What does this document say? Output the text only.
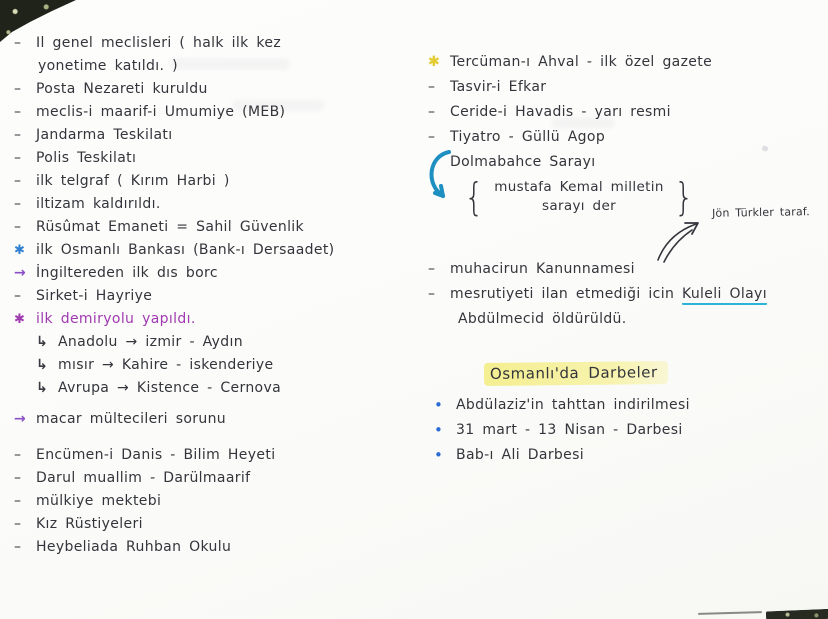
–	Il genel meclisleri ( halk ilk kez
yonetime katıldı. )
–	Posta Nezareti kuruldu
–	meclis-i maarif-i Umumiye (MEB)
–	Jandarma Teskilatı
–	Polis Teskilatı
–	ilk telgraf ( Kırım Harbi )
–	iltizam kaldırıldı.
–	Rüsûmat Emaneti = Sahil Güvenlik
✱ ilk Osmanlı Bankası (Bank-ı Dersaadet)
→ İngiltereden ilk dıs borc
–	Sirket-i Hayriye
✱ ilk demiryolu yapıldı.
↳ Anadolu → izmir - Aydın
↳ mısır → Kahire - iskenderiye
↳ Avrupa → Kistence - Cernova
→ macar mültecileri sorunu
–	Encümen-i Danis - Bilim Heyeti
–	Darul muallim - Darülmaarif
–	mülkiye mektebi
–	Kız Rüstiyeleri
–	Heybeliada Ruhban Okulu
✱ Tercüman-ı Ahval - ilk özel gazete
–	Tasvir-i Efkar
–	Ceride-i Havadis - yarı resmi
–	Tiyatro - Güllü Agop
Dolmabahce Sarayı
{ mustafa Kemal milletin
sarayı der	}
–	muhacirun Kanunnamesi
–	mesrutiyeti ilan etmediği icin Kuleli Olayı
Abdülmecid öldürüldü.
Osmanlı'da Darbeler
• Abdülaziz'in tahttan indirilmesi
• 31 mart - 13 Nisan - Darbesi
• Bab-ı Ali Darbesi
Jön Türkler taraf.
